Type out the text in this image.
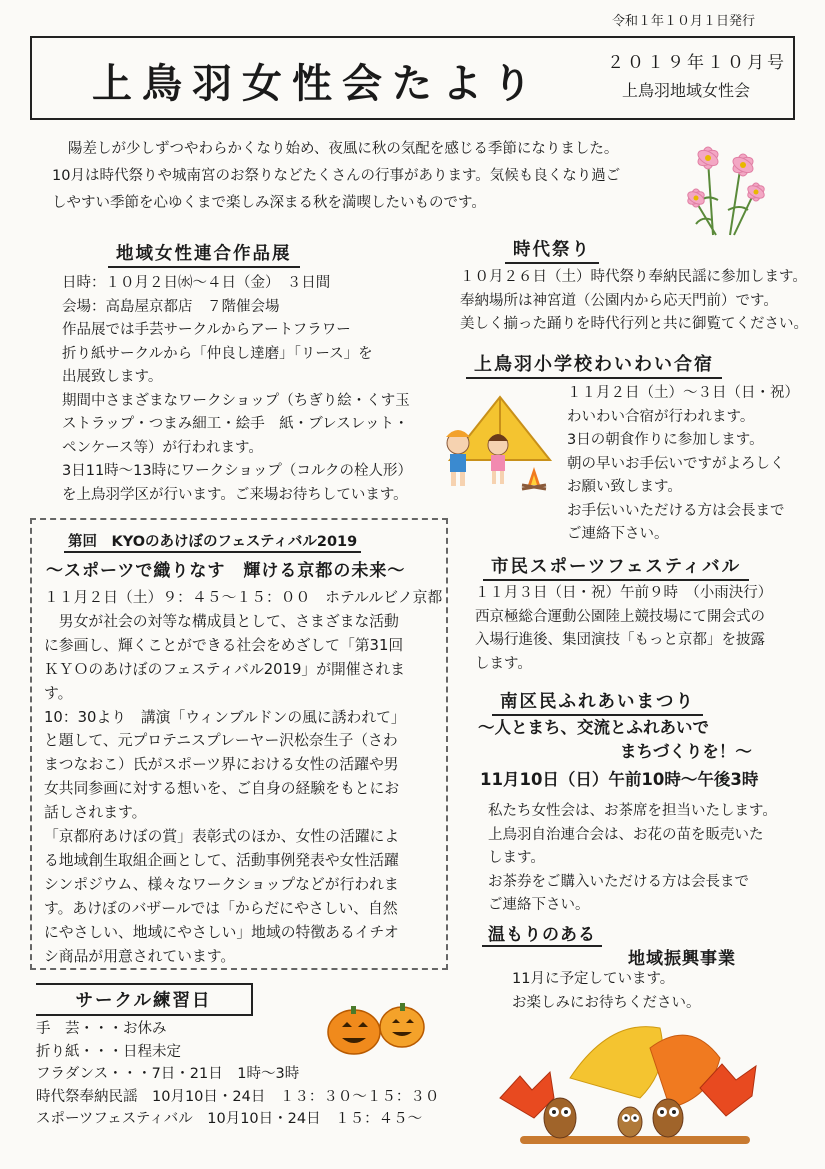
令和１年１０月１日発行
上鳥羽女性会たより	２０１９年１０月号
上鳥羽地域女性会
陽差しが少しずつやわらかくなり始め、夜風に秋の気配を感じる季節になりました。
10月は時代祭りや城南宮のお祭りなどたくさんの行事があります。気候も良くなり過ご
しやすい季節を心ゆくまで楽しみ深まる秋を満喫したいものです。
地域女性連合作品展
日時：１０月２日㈬〜４日（金）　３日間
会場：高島屋京都店　７階催会場
作品展では手芸サークルからアートフラワー
折り紙サークルから「仲良し達磨」「リース」を
出展致します。
期間中さまざまなワークショップ（ちぎり絵・くす玉
ストラップ・つまみ細工・絵手　紙・ブレスレット・
ペンケース等）が行われます。
3日11時〜13時にワークショップ（コルクの栓人形）
を上鳥羽学区が行います。ご来場お待ちしています。
第回　KYOのあけぼのフェスティバル2019
〜スポーツで織りなす　輝ける京都の未来〜
１１月２日（土）９：４５〜１５：００　ホテルルビノ京都
　男女が社会の対等な構成員として、さまざまな活動
に参画し、輝くことができる社会をめざして「第31回
ＫＹＯのあけぼのフェスティバル2019」が開催されま
す。
10：30より　講演「ウィンブルドンの風に誘われて」
と題して、元プロテニスプレーヤー沢松奈生子（さわ
まつなおこ）氏がスポーツ界における女性の活躍や男
女共同参画に対する想いを、ご自身の経験をもとにお
話しされます。
「京都府あけぼの賞」表彰式のほか、女性の活躍によ
る地域創生取組企画として、活動事例発表や女性活躍
シンポジウム、様々なワークショップなどが行われま
す。あけぼのバザールでは「からだにやさしい、自然
にやさしい、地域にやさしい」地域の特徴あるイチオ
シ商品が用意されています。
サークル練習日
手　芸・・・お休み
折り紙・・・日程未定
フラダンス・・・7日・21日　1時〜3時
時代祭奉納民謡　10月10日・24日　１３：３０〜１５：３０
スポーツフェスティバル　10月10日・24日　１５：４５〜
時代祭り
１０月２６日（土）時代祭り奉納民謡に参加します。
奉納場所は神宮道（公園内から応天門前）です。
美しく揃った踊りを時代行列と共に御覧てください。
上鳥羽小学校わいわい合宿
１１月２日（土）〜３日（日・祝）
わいわい合宿が行われます。
3日の朝食作りに参加します。
朝の早いお手伝いですがよろしく
お願い致します。
お手伝いいただける方は会長まで
ご連絡下さい。
市民スポーツフェスティバル
１１月３日（日・祝）午前９時　（小雨決行）
西京極総合運動公園陸上競技場にて開会式の
入場行進後、集団演技「もっと京都」を披露
します。
南区民ふれあいまつり
〜人とまち、交流とふれあいで
まちづくりを！〜
11月10日（日）午前10時〜午後3時
私たち女性会は、お茶席を担当いたします。
上鳥羽自治連合会は、お花の苗を販売いた
します。
お茶券をご購入いただける方は会長まで
ご連絡下さい。
温もりのある
地域振興事業
11月に予定しています。
お楽しみにお待ちください。
